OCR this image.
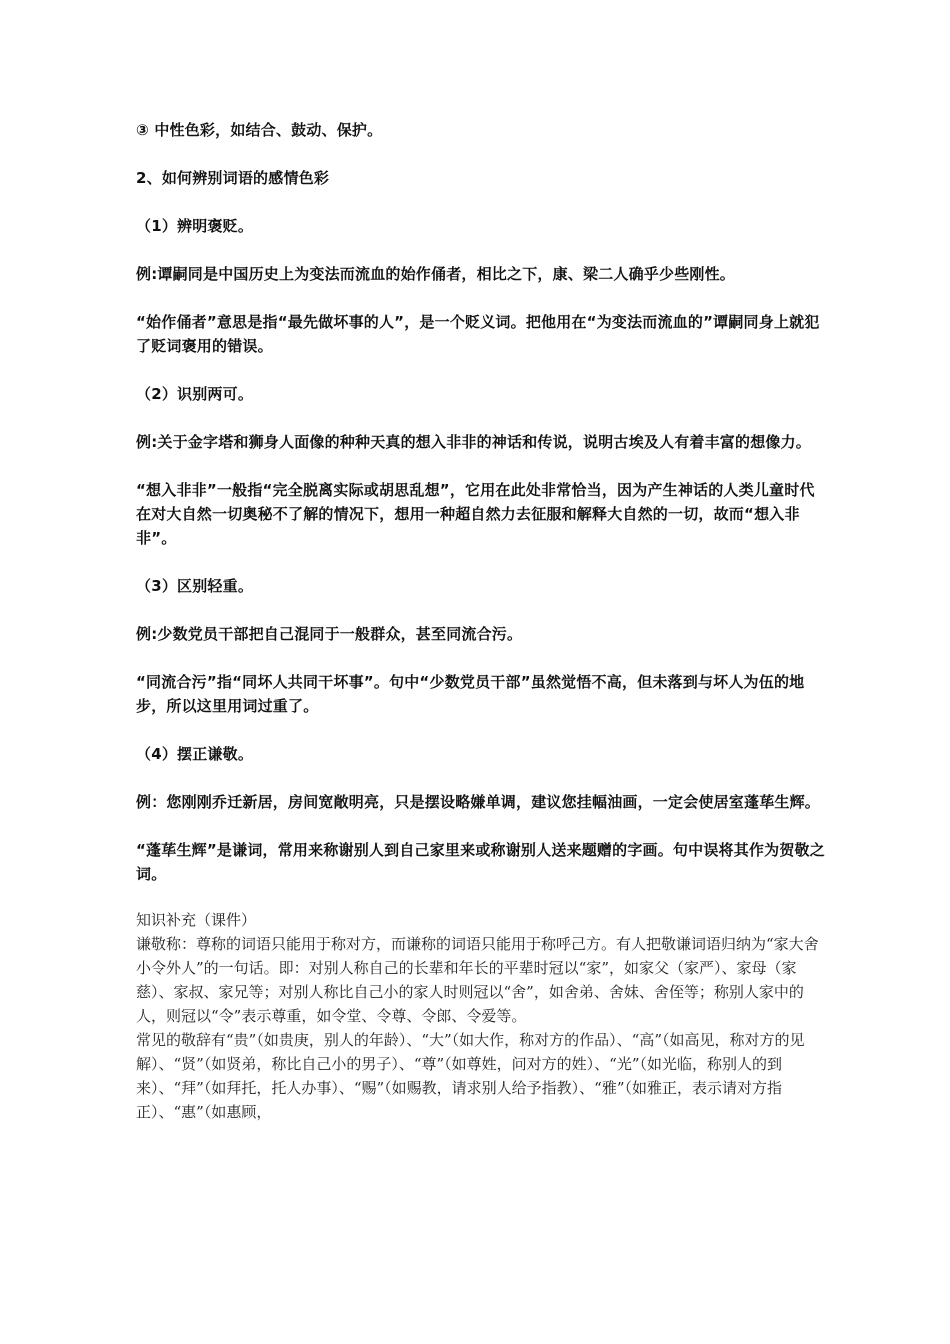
③ 中性色彩，如结合、鼓动、保护。

2、如何辨别词语的感情色彩

（1）辨明褒贬。

例:谭嗣同是中国历史上为变法而流血的始作俑者，相比之下，康、梁二人确乎少些刚性。

“始作俑者”意思是指“最先做坏事的人”，是一个贬义词。把他用在“为变法而流血的”谭嗣同身上就犯了贬词褒用的错误。

（2）识别两可。

例:关于金字塔和狮身人面像的种种天真的想入非非的神话和传说，说明古埃及人有着丰富的想像力。

“想入非非”一般指“完全脱离实际或胡思乱想”，它用在此处非常恰当，因为产生神话的人类儿童时代在对大自然一切奥秘不了解的情况下，想用一种超自然力去征服和解释大自然的一切，故而“想入非非”。

（3）区别轻重。

例:少数党员干部把自己混同于一般群众，甚至同流合污。

“同流合污”指“同坏人共同干坏事”。句中“少数党员干部”虽然觉悟不高，但未落到与坏人为伍的地步，所以这里用词过重了。

（4）摆正谦敬。

例：您刚刚乔迁新居，房间宽敞明亮，只是摆设略嫌单调，建议您挂幅油画，一定会使居室蓬荜生辉。

“蓬荜生辉”是谦词，常用来称谢别人到自己家里来或称谢别人送来题赠的字画。句中误将其作为贺敬之词。

知识补充（课件）

谦敬称：尊称的词语只能用于称对方，而谦称的词语只能用于称呼己方。有人把敬谦词语归纳为“家大舍小令外人”的一句话。即：对别人称自己的长辈和年长的平辈时冠以“家”，如家父（家严）、家母（家慈）、家叔、家兄等；对别人称比自己小的家人时则冠以“舍”，如舍弟、舍妹、舍侄等；称别人家中的人，则冠以“令”表示尊重，如令堂、令尊、令郎、令爱等。

常见的敬辞有“贵”（如贵庚，别人的年龄）、“大”（如大作，称对方的作品）、“高”（如高见，称对方的见解）、“贤”（如贤弟，称比自己小的男子）、“尊”（如尊姓，问对方的姓）、“光”（如光临，称别人的到来）、“拜”（如拜托，托人办事）、“赐”（如赐教，请求别人给予指教）、“雅”（如雅正，表示请对方指正）、“惠”（如惠顾，
